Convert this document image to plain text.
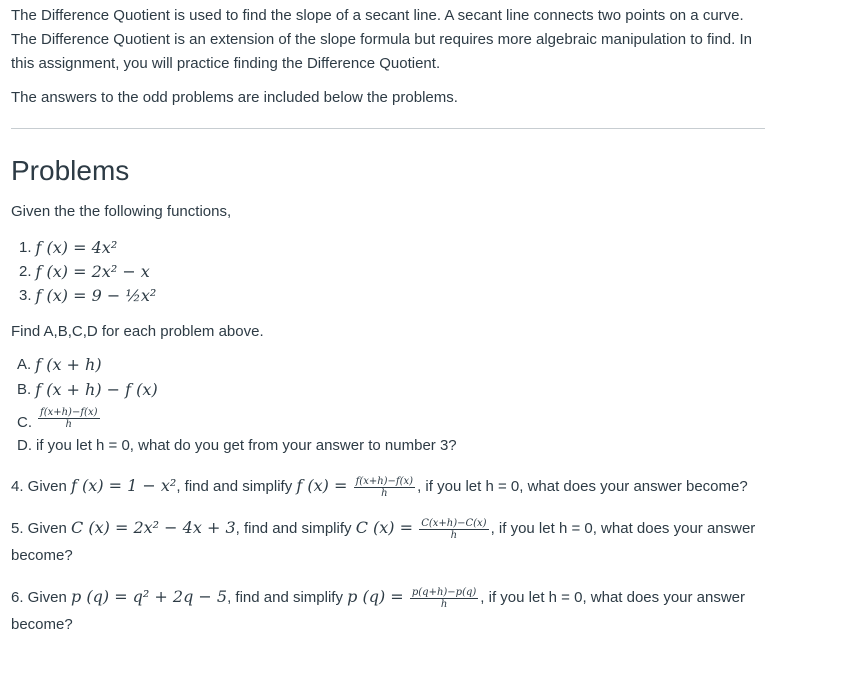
The Difference Quotient is used to find the slope of a secant line. A secant line connects two points on a curve. The Difference Quotient is an extension of the slope formula but requires more algebraic manipulation to find. In this assignment, you will practice finding the Difference Quotient.

The answers to the odd problems are included below the problems.

Problems

Given the the following functions,

1. f (x) = 4x²
2. f (x) = 2x² − x
3. f (x) = 9 − ½x²

Find A,B,C,D for each problem above.

A. f (x + h)
B. f (x + h) − f (x)
C. $\frac{f(x+h)-f(x)}{h}$
D. if you let h = 0, what do you get from your answer to number 3?

4. Given f (x) = 1 − x², find and simplify f $(x) = \frac{f(x+h)-f(x)}{h}$ , if you let h = 0, what does your answer become?

5. Given C (x) = 2x² − 4x + 3, find and simplify C $(x) = \frac{C(x+h)-C(x)}{h}$ , if you let h = 0, what does your answer become?

6. Given p (q) = q² + 2q − 5, find and simplify p $(q) = \frac{p(q+h)-p(q)}{h}$ , if you let h = 0, what does your answer become?
